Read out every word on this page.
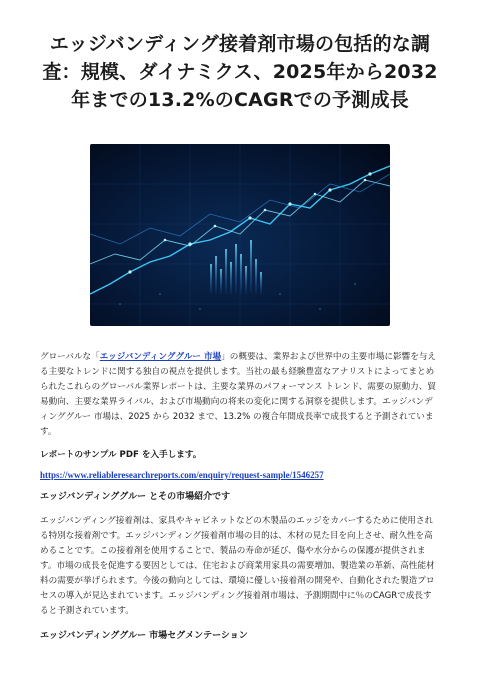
エッジバンディング接着剤市場の包括的な調査：規模、ダイナミクス、2025年から2032年までの13.2%のCAGRでの予測成長

グローバルな「エッジバンディンググルー 市場」の概要は、業界および世界中の主要市場に影響を与える主要なトレンドに関する独自の視点を提供します。当社の最も経験豊富なアナリストによってまとめられたこれらのグローバル業界レポートは、主要な業界のパフォーマンス トレンド、需要の原動力、貿易動向、主要な業界ライバル、および市場動向の将来の変化に関する洞察を提供します。エッジバンディンググルー 市場は、2025 から 2032 まで、13.2% の複合年間成長率で成長すると予測されています。

レポートのサンプル PDF を入手します。

https://www.reliableresearchreports.com/enquiry/request-sample/1546257
エッジバンディンググルー とその市場紹介です

エッジバンディング接着剤は、家具やキャビネットなどの木製品のエッジをカバーするために使用される特別な接着剤です。エッジバンディング接着剤市場の目的は、木材の見た目を向上させ、耐久性を高めることです。この接着剤を使用することで、製品の寿命が延び、傷や水分からの保護が提供されます。市場の成長を促進する要因としては、住宅および商業用家具の需要増加、製造業の革新、高性能材料の需要が挙げられます。今後の動向としては、環境に優しい接着剤の開発や、自動化された製造プロセスの導入が見込まれています。エッジバンディング接着剤市場は、予測期間中に％のCAGRで成長すると予測されています。

エッジバンディンググルー 市場セグメンテーション
